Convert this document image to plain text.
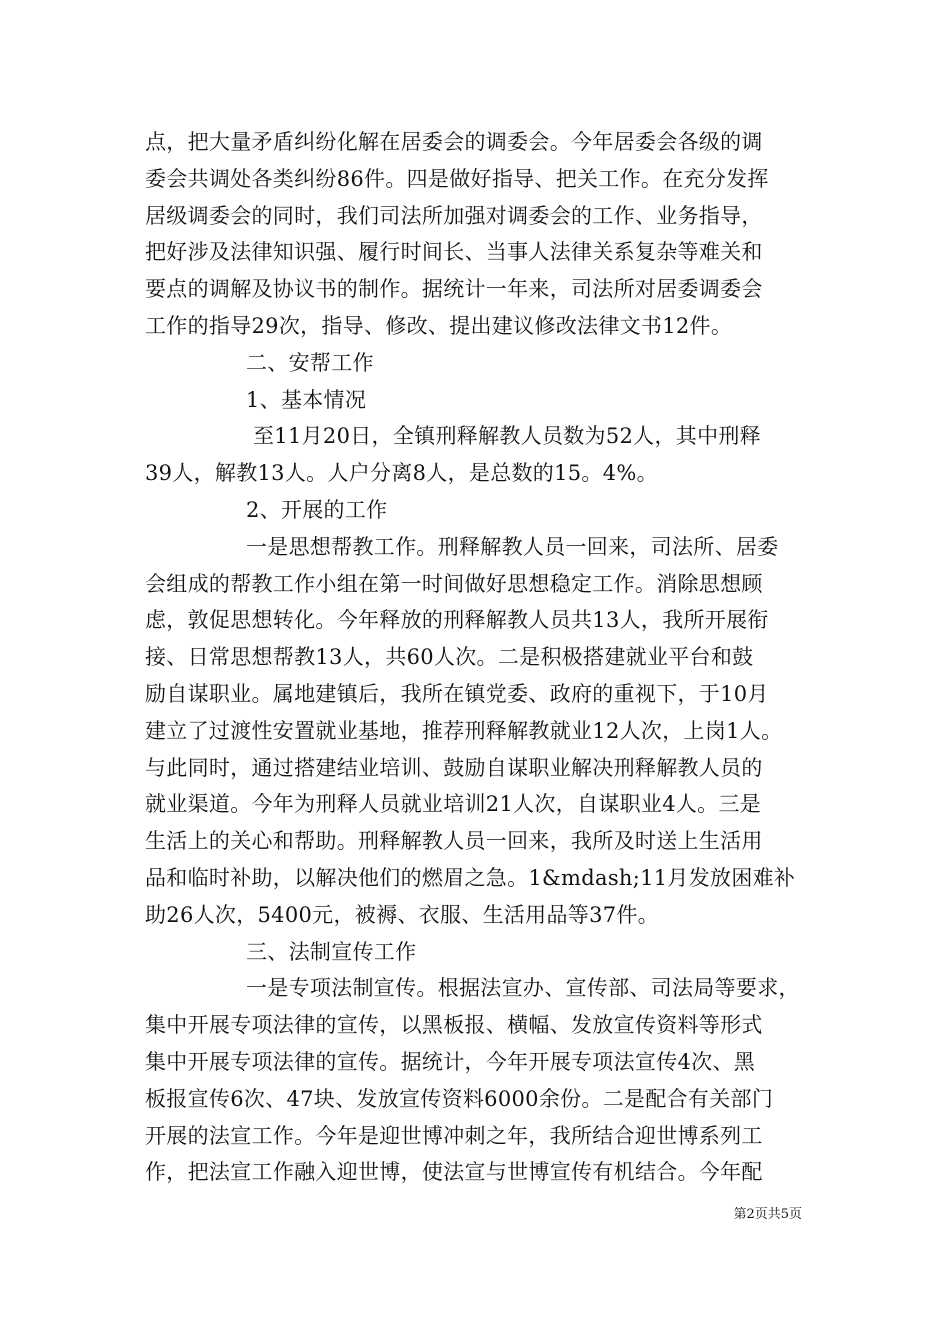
点，把大量矛盾纠纷化解在居委会的调委会。今年居委会各级的调
委会共调处各类纠纷86件。四是做好指导、把关工作。在充分发挥
居级调委会的同时，我们司法所加强对调委会的工作、业务指导，
把好涉及法律知识强、履行时间长、当事人法律关系复杂等难关和
要点的调解及协议书的制作。据统计一年来，司法所对居委调委会
工作的指导29次，指导、修改、提出建议修改法律文书12件。
二、安帮工作
1、基本情况
至11月20日，全镇刑释解教人员数为52人，其中刑释
39人，解教13人。人户分离8人，是总数的15。4%。
2、开展的工作
一是思想帮教工作。刑释解教人员一回来，司法所、居委
会组成的帮教工作小组在第一时间做好思想稳定工作。消除思想顾
虑，敦促思想转化。今年释放的刑释解教人员共13人，我所开展衔
接、日常思想帮教13人，共60人次。二是积极搭建就业平台和鼓
励自谋职业。属地建镇后，我所在镇党委、政府的重视下，于10月
建立了过渡性安置就业基地，推荐刑释解教就业12人次，上岗1人。
与此同时，通过搭建结业培训、鼓励自谋职业解决刑释解教人员的
就业渠道。今年为刑释人员就业培训21人次，自谋职业4人。三是
生活上的关心和帮助。刑释解教人员一回来，我所及时送上生活用
品和临时补助，以解决他们的燃眉之急。1&mdash;11月发放困难补
助26人次，5400元，被褥、衣服、生活用品等37件。
三、法制宣传工作
一是专项法制宣传。根据法宣办、宣传部、司法局等要求，
集中开展专项法律的宣传，以黑板报、横幅、发放宣传资料等形式
集中开展专项法律的宣传。据统计，今年开展专项法宣传4次、黑
板报宣传6次、47块、发放宣传资料6000余份。二是配合有关部门
开展的法宣工作。今年是迎世博冲刺之年，我所结合迎世博系列工
作，把法宣工作融入迎世博，使法宣与世博宣传有机结合。今年配
第2页共5页
